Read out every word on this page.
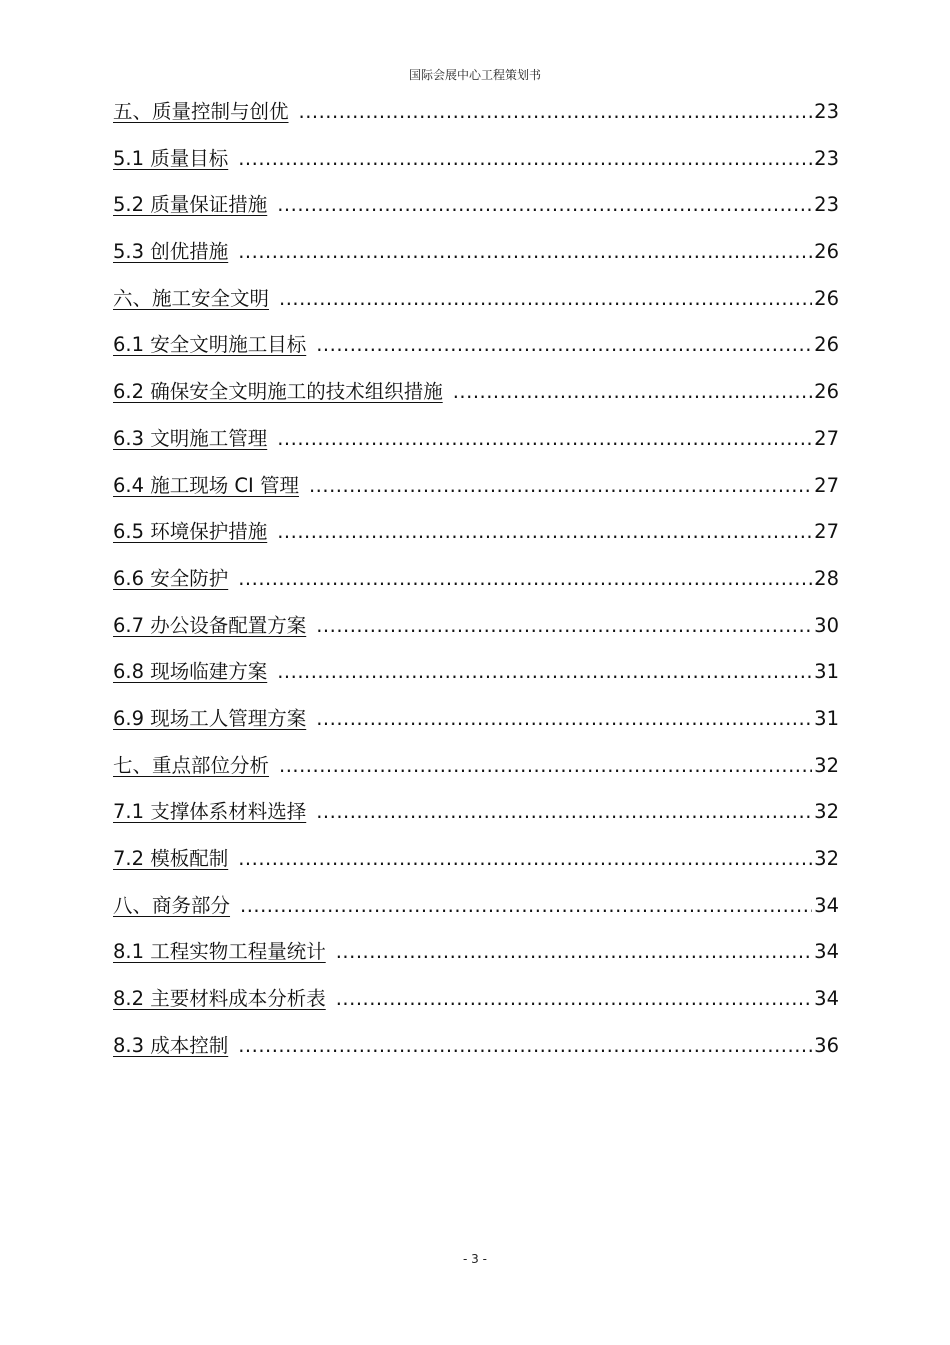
国际会展中心工程策划书
五、质量控制与创优 .....	23
5.1 质量目标 .....	23
5.2 质量保证措施 .....	23
5.3 创优措施 .....	26
六、施工安全文明 .....	26
6.1 安全文明施工目标 .....	26
6.2 确保安全文明施工的技术组织措施 .....	26
6.3 文明施工管理 .....	27
6.4 施工现场 CI 管理 .....	27
6.5 环境保护措施 .....	27
6.6 安全防护 .....	28
6.7 办公设备配置方案 .....	30
6.8 现场临建方案 .....	31
6.9 现场工人管理方案 .....	31
七、重点部位分析 .....	32
7.1 支撑体系材料选择 .....	32
7.2 模板配制 .....	32
八、商务部分 .....	34
8.1 工程实物工程量统计 .....	34
8.2 主要材料成本分析表 .....	34
8.3 成本控制 .....	36
- 3 -
